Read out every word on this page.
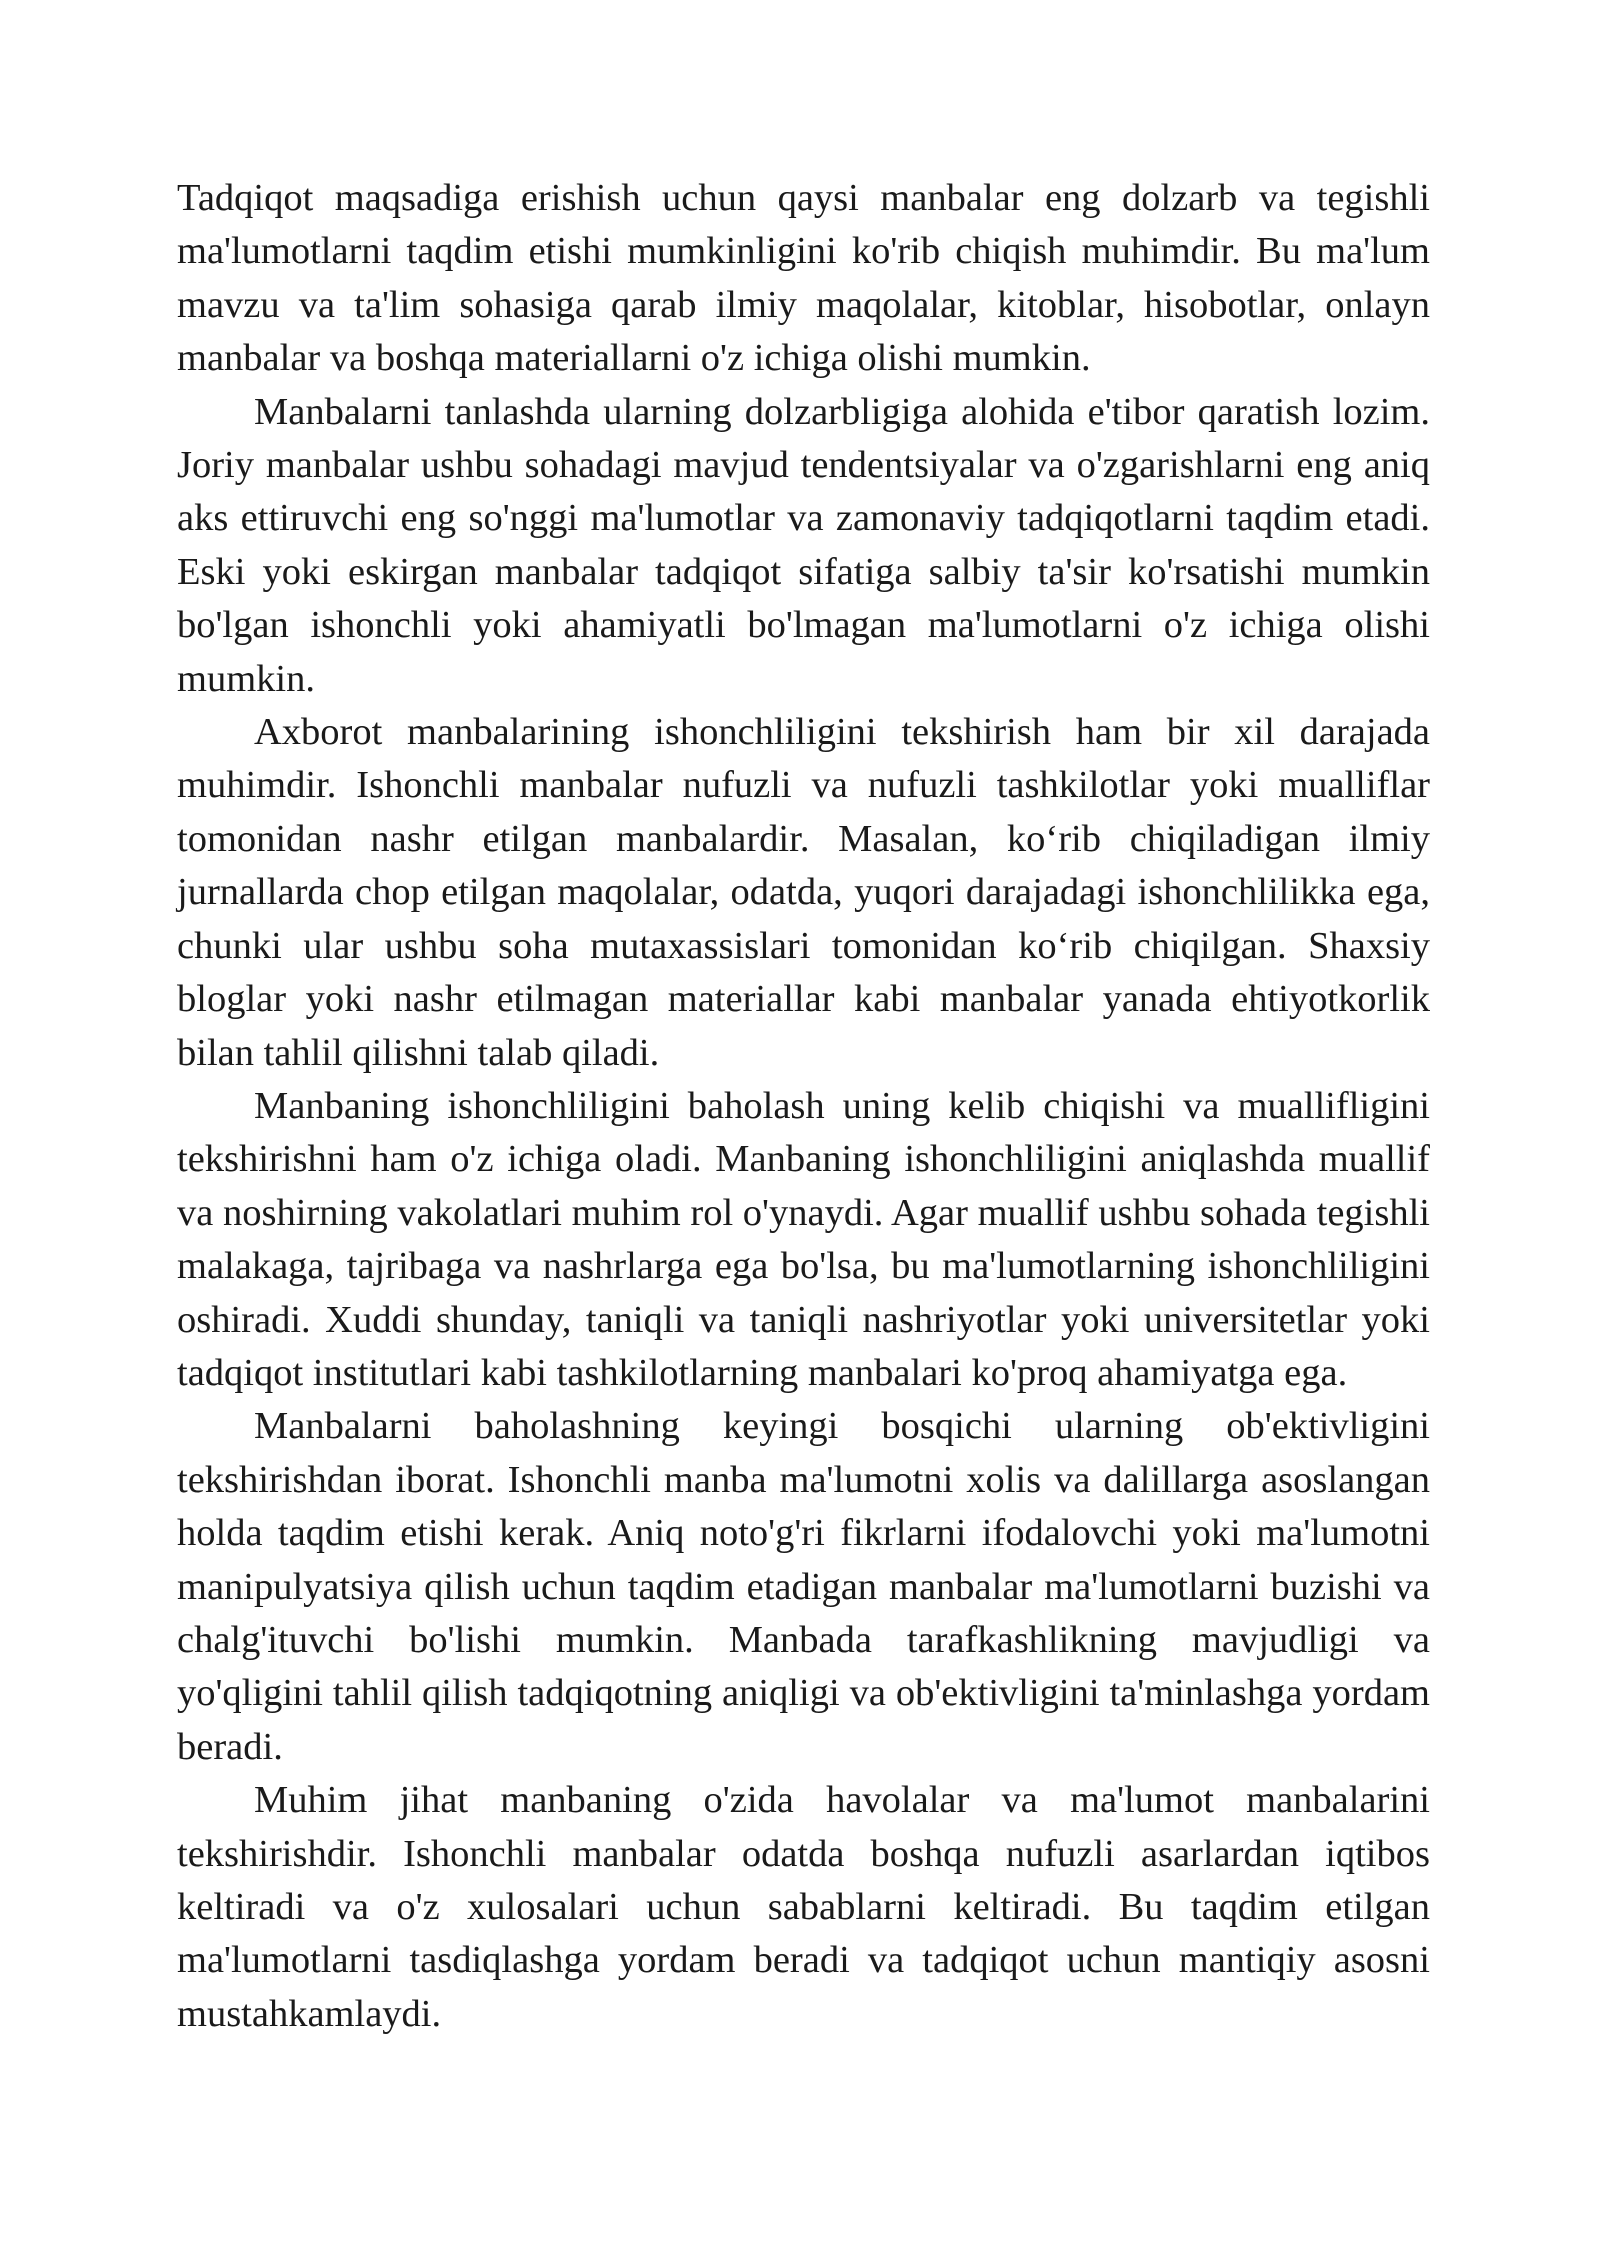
Tadqiqot maqsadiga erishish uchun qaysi manbalar eng dolzarb va tegishli ma'lumotlarni taqdim etishi mumkinligini ko'rib chiqish muhimdir. Bu ma'lum mavzu va ta'lim sohasiga qarab ilmiy maqolalar, kitoblar, hisobotlar, onlayn manbalar va boshqa materiallarni o'z ichiga olishi mumkin.

Manbalarni tanlashda ularning dolzarbligiga alohida e'tibor qaratish lozim. Joriy manbalar ushbu sohadagi mavjud tendentsiyalar va o'zgarishlarni eng aniq aks ettiruvchi eng so'nggi ma'lumotlar va zamonaviy tadqiqotlarni taqdim etadi. Eski yoki eskirgan manbalar tadqiqot sifatiga salbiy ta'sir ko'rsatishi mumkin bo'lgan ishonchli yoki ahamiyatli bo'lmagan ma'lumotlarni o'z ichiga olishi mumkin.

Axborot manbalarining ishonchliligini tekshirish ham bir xil darajada muhimdir. Ishonchli manbalar nufuzli va nufuzli tashkilotlar yoki mualliflar tomonidan nashr etilgan manbalardir. Masalan, ko‘rib chiqiladigan ilmiy jurnallarda chop etilgan maqolalar, odatda, yuqori darajadagi ishonchlilikka ega, chunki ular ushbu soha mutaxassislari tomonidan ko‘rib chiqilgan. Shaxsiy bloglar yoki nashr etilmagan materiallar kabi manbalar yanada ehtiyotkorlik bilan tahlil qilishni talab qiladi.

Manbaning ishonchliligini baholash uning kelib chiqishi va muallifligini tekshirishni ham o'z ichiga oladi. Manbaning ishonchliligini aniqlashda muallif va noshirning vakolatlari muhim rol o'ynaydi. Agar muallif ushbu sohada tegishli malakaga, tajribaga va nashrlarga ega bo'lsa, bu ma'lumotlarning ishonchliligini oshiradi. Xuddi shunday, taniqli va taniqli nashriyotlar yoki universitetlar yoki tadqiqot institutlari kabi tashkilotlarning manbalari ko'proq ahamiyatga ega.

Manbalarni baholashning keyingi bosqichi ularning ob'ektivligini tekshirishdan iborat. Ishonchli manba ma'lumotni xolis va dalillarga asoslangan holda taqdim etishi kerak. Aniq noto'g'ri fikrlarni ifodalovchi yoki ma'lumotni manipulyatsiya qilish uchun taqdim etadigan manbalar ma'lumotlarni buzishi va chalg'ituvchi bo'lishi mumkin. Manbada tarafkashlikning mavjudligi va yo'qligini tahlil qilish tadqiqotning aniqligi va ob'ektivligini ta'minlashga yordam beradi.

Muhim jihat manbaning o'zida havolalar va ma'lumot manbalarini tekshirishdir. Ishonchli manbalar odatda boshqa nufuzli asarlardan iqtibos keltiradi va o'z xulosalari uchun sabablarni keltiradi. Bu taqdim etilgan ma'lumotlarni tasdiqlashga yordam beradi va tadqiqot uchun mantiqiy asosni mustahkamlaydi.
